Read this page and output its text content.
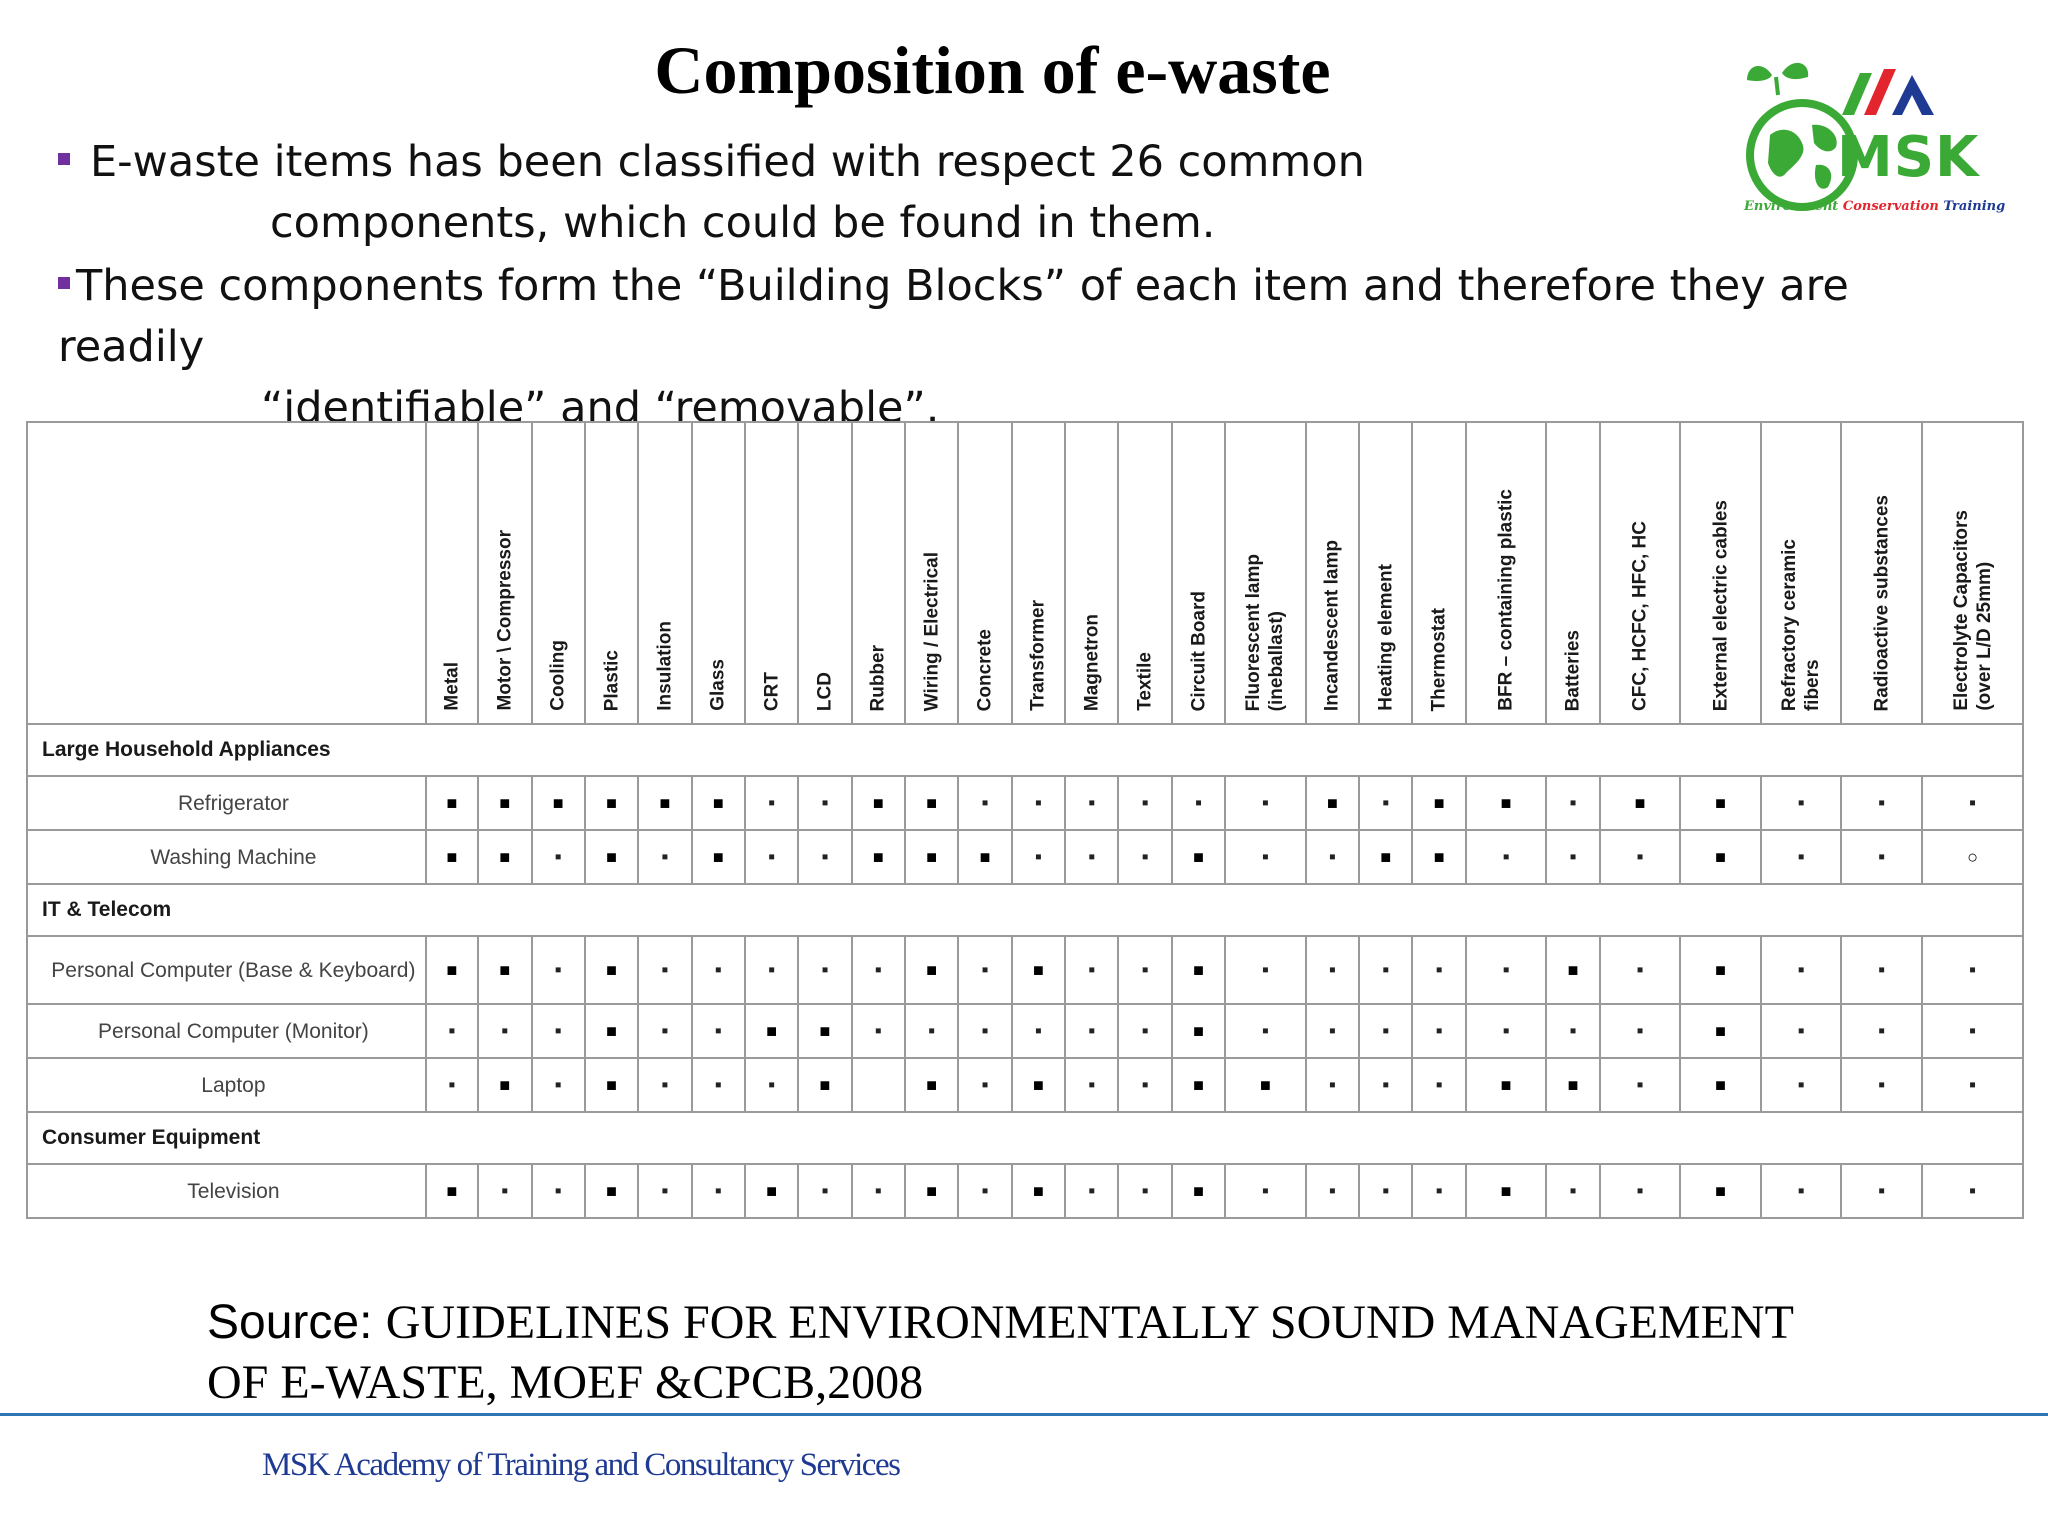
Composition of e-waste
MSK
Environment Conservation Training
E-waste items has been classified with respect 26 common
components, which could be found in them.
These components form the “Building Blocks” of each item and therefore they are readily
“identifiable” and “removable”.

	Metal	Motor \ Compressor	Cooling	Plastic	Insulation	Glass	CRT	LCD	Rubber	Wiring / Electrical	Concrete	Transformer	Magnetron	Textile	Circuit Board	Fluorescent lamp
(ineballast)	Incandescent lamp	Heating element	Thermostat	BFR – containing plastic	Batteries	CFC, HCFC, HFC, HC	External electric cables	Refractory ceramic
fibers	Radioactive substances	Electrolyte Capacitors
(over L/D 25mm)

Large Household Appliances																										
Refrigerator	■	■	■	■	■	■	▪	▪	■	■	▪	▪	▪	▪	▪	▪	■	▪	■	■	▪	■	■	▪	▪	▪
Washing Machine	■	■	▪	■	▪	■	▪	▪	■	■	■	▪	▪	▪	■	▪	▪	■	■	▪	▪	▪	■	▪	▪	○
IT & Telecom																										
Personal Computer (Base & Keyboard)	■	■	▪	■	▪	▪	▪	▪	▪	■	▪	■	▪	▪	■	▪	▪	▪	▪	▪	■	▪	■	▪	▪	▪
Personal Computer (Monitor)	▪	▪	▪	■	▪	▪	■	■	▪	▪	▪	▪	▪	▪	■	▪	▪	▪	▪	▪	▪	▪	■	▪	▪	▪
Laptop	▪	■	▪	■	▪	▪	▪	■		■	▪	■	▪	▪	■	■	▪	▪	▪	■	■	▪	■	▪	▪	▪
Consumer Equipment																										
Television	■	▪	▪	■	▪	▪	■	▪	▪	■	▪	■	▪	▪	■	▪	▪	▪	▪	■	▪	▪	■	▪	▪	▪
Source: GUIDELINES FOR ENVIRONMENTALLY SOUND MANAGEMENT
OF E-WASTE, MOEF &CPCB,2008
MSK Academy of Training and Consultancy Services
